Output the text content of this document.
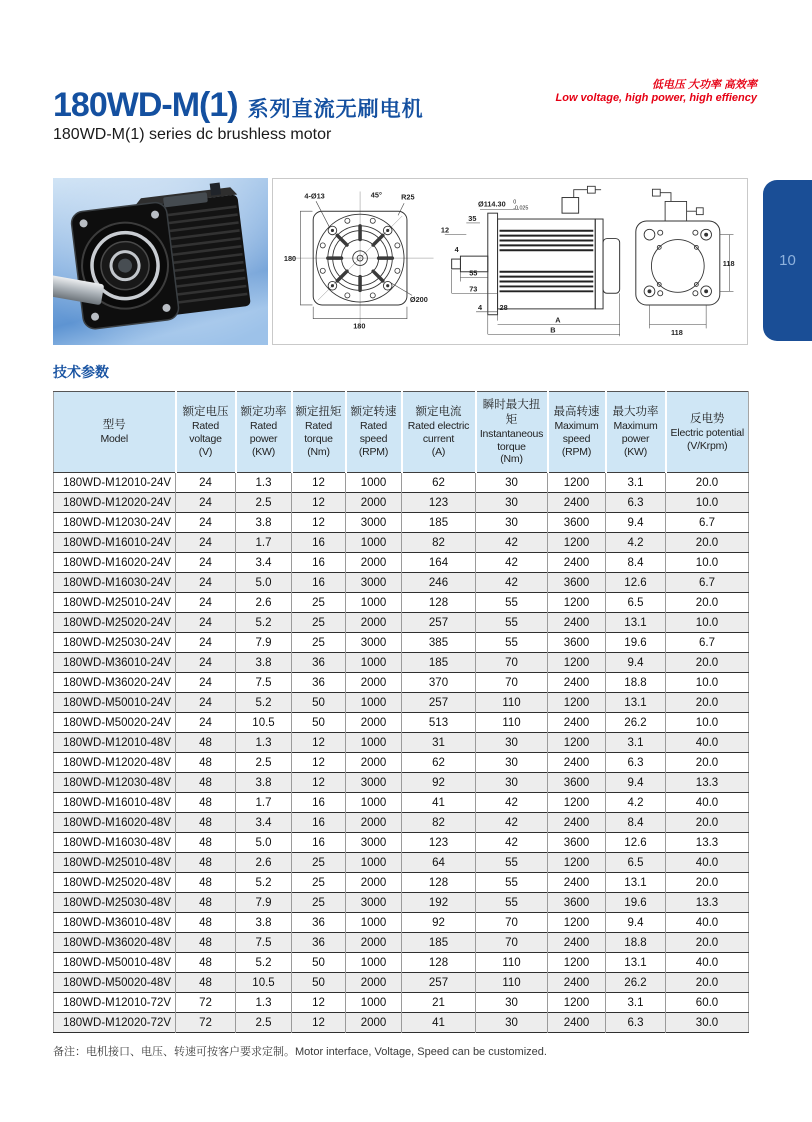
低电压 大功率 高效率
Low voltage, high power, high effiency
180WD-M(1) 系列直流无刷电机
180WD-M(1) series dc brushless motor
180
180
4-Ø13	45°	R25
Ø200
Ø114.30 0
-0.025
35
12
4
55
73
4 28
A
B
118
118
10
技术参数
型号
Model

额定电压
Rated voltage
(V)

额定功率
Rated power
(KW)

额定扭矩
Rated torque
(Nm)

额定转速
Rated speed
(RPM)

额定电流
Rated electric current
(A)

瞬时最大扭矩
Instantaneous torque
(Nm)

最高转速
Maximum speed
(RPM)

最大功率
Maximum power
(KW)

反电势
Electric potential
(V/Krpm)

180WD-M12010-24V	24	1.3	12	1000	62	30	1200	3.1	20.0
180WD-M12020-24V	24	2.5	12	2000	123	30	2400	6.3	10.0
180WD-M12030-24V	24	3.8	12	3000	185	30	3600	9.4	6.7
180WD-M16010-24V	24	1.7	16	1000	82	42	1200	4.2	20.0
180WD-M16020-24V	24	3.4	16	2000	164	42	2400	8.4	10.0
180WD-M16030-24V	24	5.0	16	3000	246	42	3600	12.6	6.7
180WD-M25010-24V	24	2.6	25	1000	128	55	1200	6.5	20.0
180WD-M25020-24V	24	5.2	25	2000	257	55	2400	13.1	10.0
180WD-M25030-24V	24	7.9	25	3000	385	55	3600	19.6	6.7
180WD-M36010-24V	24	3.8	36	1000	185	70	1200	9.4	20.0
180WD-M36020-24V	24	7.5	36	2000	370	70	2400	18.8	10.0
180WD-M50010-24V	24	5.2	50	1000	257	110	1200	13.1	20.0
180WD-M50020-24V	24	10.5	50	2000	513	110	2400	26.2	10.0
180WD-M12010-48V	48	1.3	12	1000	31	30	1200	3.1	40.0
180WD-M12020-48V	48	2.5	12	2000	62	30	2400	6.3	20.0
180WD-M12030-48V	48	3.8	12	3000	92	30	3600	9.4	13.3
180WD-M16010-48V	48	1.7	16	1000	41	42	1200	4.2	40.0
180WD-M16020-48V	48	3.4	16	2000	82	42	2400	8.4	20.0
180WD-M16030-48V	48	5.0	16	3000	123	42	3600	12.6	13.3
180WD-M25010-48V	48	2.6	25	1000	64	55	1200	6.5	40.0
180WD-M25020-48V	48	5.2	25	2000	128	55	2400	13.1	20.0
180WD-M25030-48V	48	7.9	25	3000	192	55	3600	19.6	13.3
180WD-M36010-48V	48	3.8	36	1000	92	70	1200	9.4	40.0
180WD-M36020-48V	48	7.5	36	2000	185	70	2400	18.8	20.0
180WD-M50010-48V	48	5.2	50	1000	128	110	1200	13.1	40.0
180WD-M50020-48V	48	10.5	50	2000	257	110	2400	26.2	20.0
180WD-M12010-72V	72	1.3	12	1000	21	30	1200	3.1	60.0
180WD-M12020-72V	72	2.5	12	2000	41	30	2400	6.3	30.0
备注：电机接口、电压、转速可按客户要求定制。Motor interface, Voltage, Speed can be customized.
